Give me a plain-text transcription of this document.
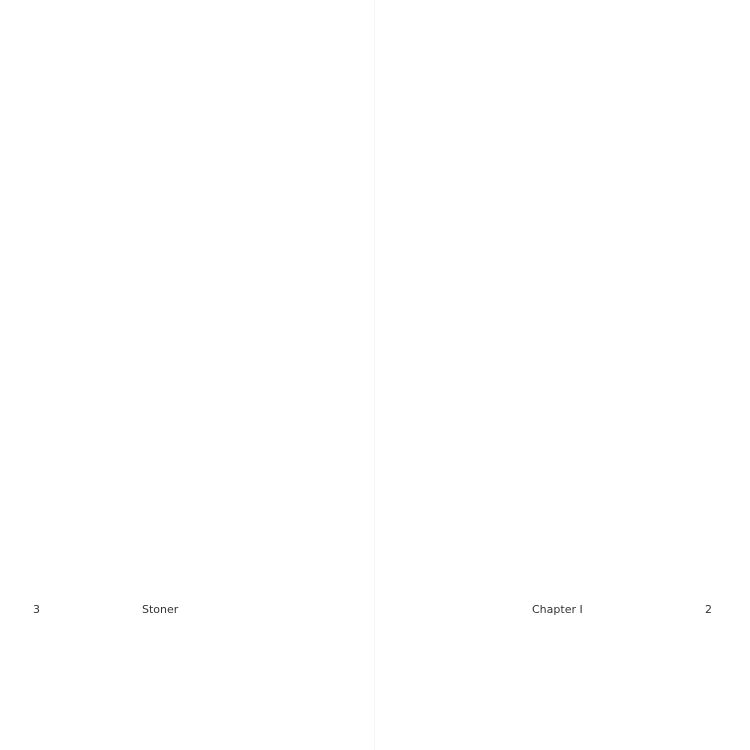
3	Stoner	Chapter I	2
